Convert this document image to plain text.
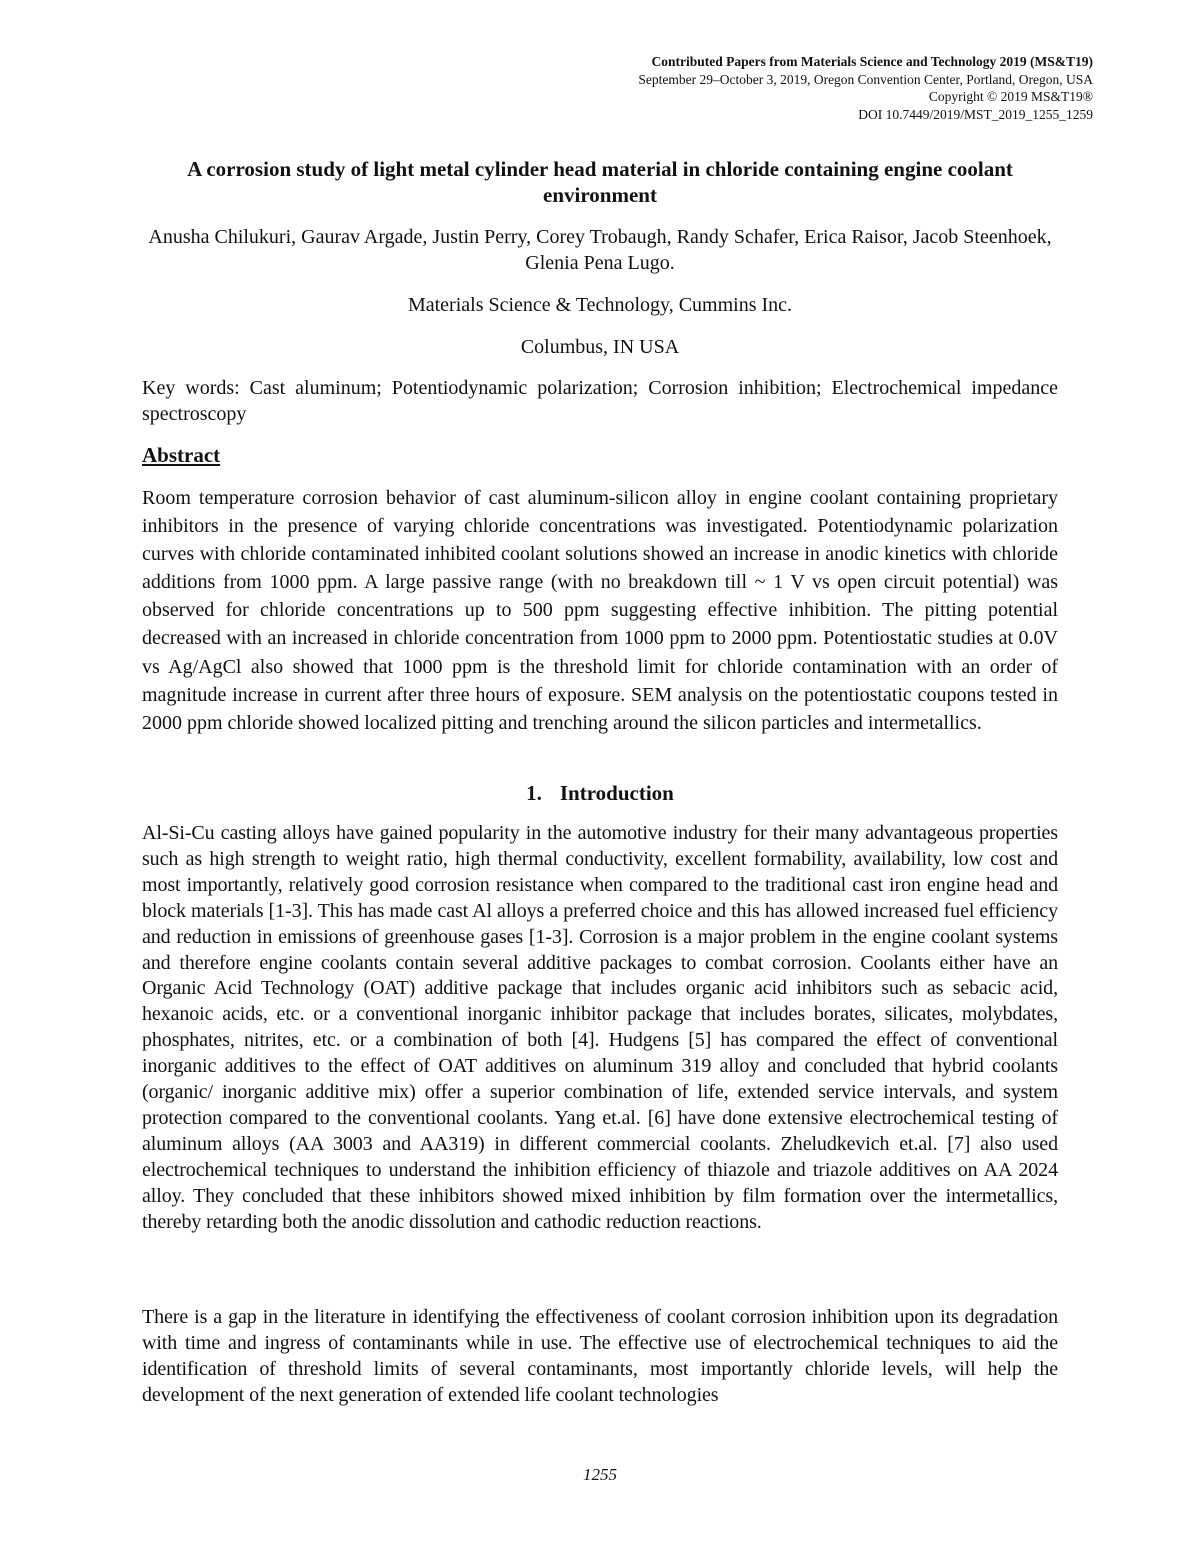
Contributed Papers from Materials Science and Technology 2019 (MS&T19)
September 29–October 3, 2019, Oregon Convention Center, Portland, Oregon, USA
Copyright © 2019 MS&T19®
DOI 10.7449/2019/MST_2019_1255_1259
A corrosion study of light metal cylinder head material in chloride containing engine coolant environment
Anusha Chilukuri, Gaurav Argade, Justin Perry, Corey Trobaugh, Randy Schafer, Erica Raisor, Jacob Steenhoek, Glenia Pena Lugo.
Materials Science & Technology, Cummins Inc.
Columbus, IN USA
Key words: Cast aluminum; Potentiodynamic polarization; Corrosion inhibition; Electrochemical impedance spectroscopy
Abstract
Room temperature corrosion behavior of cast aluminum-silicon alloy in engine coolant containing proprietary inhibitors in the presence of varying chloride concentrations was investigated. Potentiodynamic polarization curves with chloride contaminated inhibited coolant solutions showed an increase in anodic kinetics with chloride additions from 1000 ppm. A large passive range (with no breakdown till ~ 1 V vs open circuit potential) was observed for chloride concentrations up to 500 ppm suggesting effective inhibition. The pitting potential decreased with an increased in chloride concentration from 1000 ppm to 2000 ppm. Potentiostatic studies at 0.0V vs Ag/AgCl also showed that 1000 ppm is the threshold limit for chloride contamination with an order of magnitude increase in current after three hours of exposure. SEM analysis on the potentiostatic coupons tested in 2000 ppm chloride showed localized pitting and trenching around the silicon particles and intermetallics.
1. Introduction
Al-Si-Cu casting alloys have gained popularity in the automotive industry for their many advantageous properties such as high strength to weight ratio, high thermal conductivity, excellent formability, availability, low cost and most importantly, relatively good corrosion resistance when compared to the traditional cast iron engine head and block materials [1-3]. This has made cast Al alloys a preferred choice and this has allowed increased fuel efficiency and reduction in emissions of greenhouse gases [1-3]. Corrosion is a major problem in the engine coolant systems and therefore engine coolants contain several additive packages to combat corrosion. Coolants either have an Organic Acid Technology (OAT) additive package that includes organic acid inhibitors such as sebacic acid, hexanoic acids, etc. or a conventional inorganic inhibitor package that includes borates, silicates, molybdates, phosphates, nitrites, etc. or a combination of both [4]. Hudgens [5] has compared the effect of conventional inorganic additives to the effect of OAT additives on aluminum 319 alloy and concluded that hybrid coolants (organic/ inorganic additive mix) offer a superior combination of life, extended service intervals, and system protection compared to the conventional coolants. Yang et.al. [6] have done extensive electrochemical testing of aluminum alloys (AA 3003 and AA319) in different commercial coolants. Zheludkevich et.al. [7] also used electrochemical techniques to understand the inhibition efficiency of thiazole and triazole additives on AA 2024 alloy. They concluded that these inhibitors showed mixed inhibition by film formation over the intermetallics, thereby retarding both the anodic dissolution and cathodic reduction reactions.
There is a gap in the literature in identifying the effectiveness of coolant corrosion inhibition upon its degradation with time and ingress of contaminants while in use. The effective use of electrochemical techniques to aid the identification of threshold limits of several contaminants, most importantly chloride levels, will help the development of the next generation of extended life coolant technologies
1255
